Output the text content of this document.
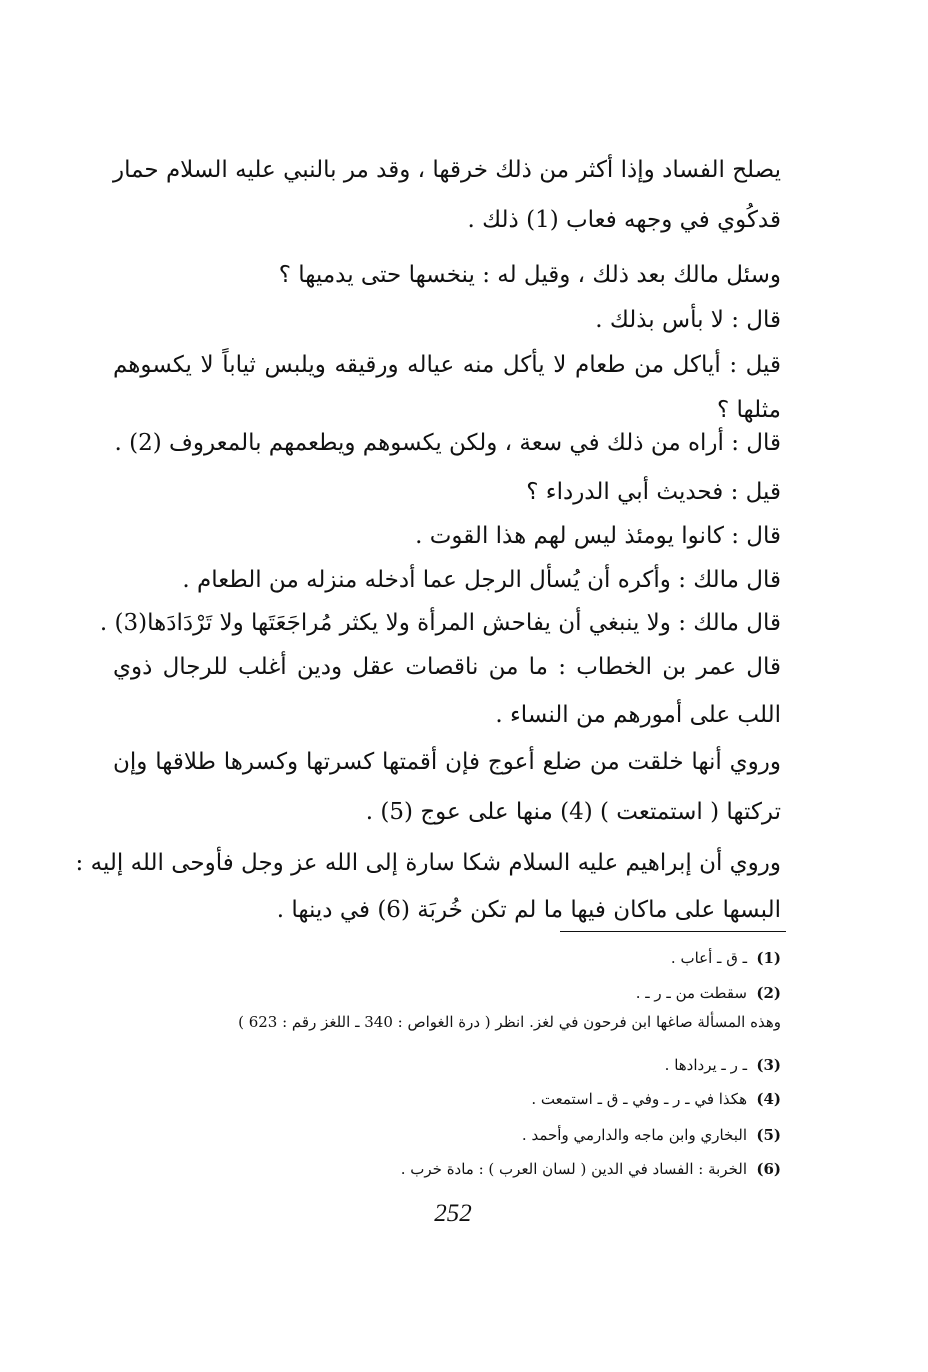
يصلح الفساد وإذا أكثر من ذلك خرقها ، وقد مر بالنبي عليه السلام حمار
قدكُوي في وجهه فعاب (1) ذلك .
وسئل مالك بعد ذلك ، وقيل له : ينخسها حتى يدميها ؟
قال : لا بأس بذلك .
قيل : أياكل من طعام لا يأكل منه عياله ورقيقه ويلبس ثياباً لا يكسوهم
مثلها ؟
قال : أراه من ذلك في سعة ، ولكن يكسوهم ويطعمهم بالمعروف (2) .
قيل : فحديث أبي الدرداء ؟
قال : كانوا يومئذ ليس لهم هذا القوت .
قال مالك : وأكره أن يُسأل الرجل عما أدخله منزله من الطعام .
قال مالك : ولا ينبغي أن يفاحش المرأة ولا يكثر مُراجَعَتَها ولا تَرْدَادَها(3) .
قال عمر بن الخطاب : ما من ناقصات عقل ودين أغلب للرجال ذوي
اللب على أمورهم من النساء .
وروي أنها خلقت من ضلع أعوج فإن أقمتها كسرتها وكسرها طلاقها وإن
تركتها ( استمتعت ) (4) منها على عوج (5) .
وروي أن إبراهيم عليه السلام شكا سارة إلى الله عز وجل فأوحى الله إليه :
البسها على ماكان فيها ما لم تكن خُربَة (6) في دينها .
(1)ـ ق ـ أعاب .
(2)سقطت من ـ ر ـ .
وهذه المسألة صاغها ابن فرحون في لغز. انظر ( درة الغواص : 340 ـ اللغز رقم : 623 )
(3)ـ ر ـ يردادها .
(4)هكذا في ـ ر ـ وفي ـ ق ـ استمعت .
(5)البخاري وابن ماجه والدارمي وأحمد .
(6)الخربة : الفساد في الدين ( لسان العرب ) : مادة خرب .
252
